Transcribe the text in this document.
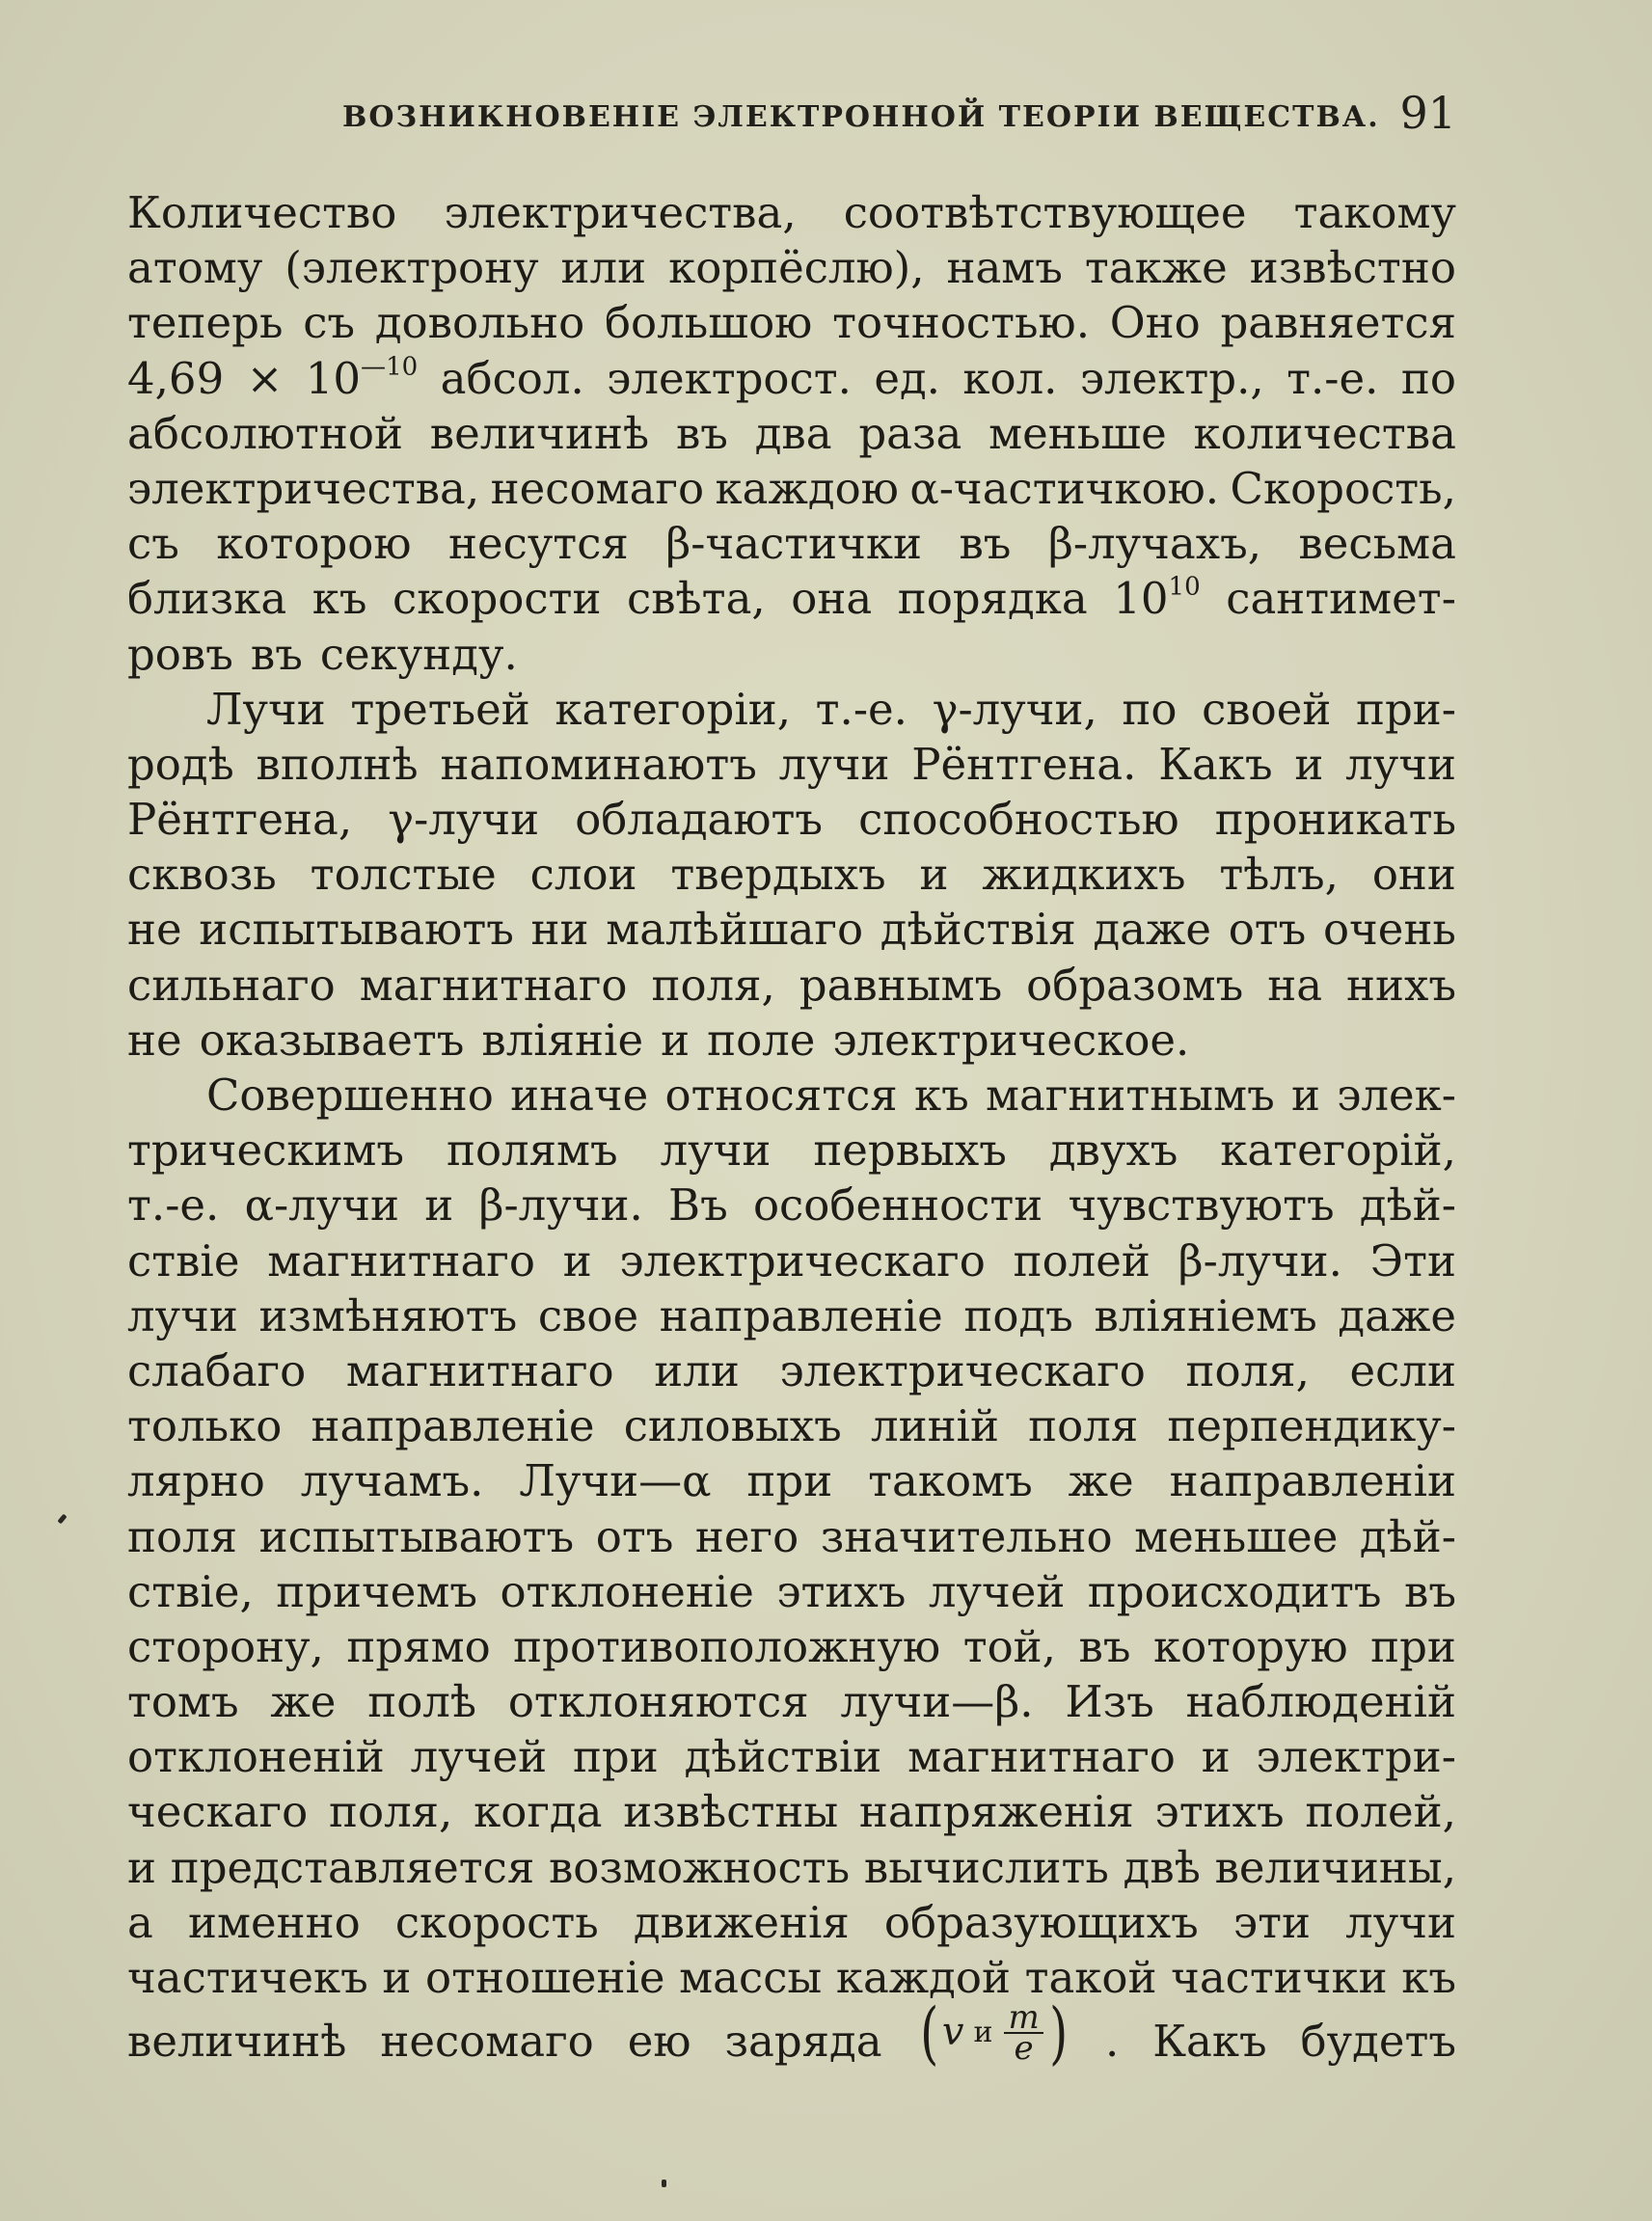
ВОЗНИКНОВЕНІЕ ЭЛЕКТРОННОЙ ТЕОРІИ ВЕЩЕСТВА. 91
Количество электричества, соотвѣтствующее такому
атому (электрону или корпёслю), намъ также извѣстно
теперь съ довольно большою точностью. Оно равняется
$4,69 \times 10^{—10}$ абсол. электрост. ед. кол. электр., т.-е. по
абсолютной величинѣ въ два раза меньше количества
электричества, несомаго каждою α-частичкою. Скорость,
съ которою несутся β-частички въ β-лучахъ, весьма
близка къ скорости свѣта, она порядка $10^{10}$ сантимет-
ровъ въ секунду.
Лучи третьей категоріи, т.-е. γ-лучи, по своей при-
родѣ вполнѣ напоминаютъ лучи Рёнтгена. Какъ и лучи
Рёнтгена, γ-лучи обладаютъ способностью проникать
сквозь толстые слои твердыхъ и жидкихъ тѣлъ, они
не испытываютъ ни малѣйшаго дѣйствія даже отъ очень
сильнаго магнитнаго поля, равнымъ образомъ на нихъ
не оказываетъ вліяніе и поле электрическое.
Совершенно иначе относятся къ магнитнымъ и элек-
трическимъ полямъ лучи первыхъ двухъ категорій,
т.-е. α-лучи и β-лучи. Въ особенности чувствуютъ дѣй-
ствіе магнитнаго и электрическаго полей β-лучи. Эти
лучи измѣняютъ свое направленіе подъ вліяніемъ даже
слабаго магнитнаго или электрическаго поля, если
только направленіе силовыхъ линій поля перпендику-
лярно лучамъ. Лучи—α при такомъ же направленіи
поля испытываютъ отъ него значительно меньшее дѣй-
ствіе, причемъ отклоненіе этихъ лучей происходитъ въ
сторону, прямо противоположную той, въ которую при
томъ же полѣ отклоняются лучи—β. Изъ наблюденій
отклоненій лучей при дѣйствіи магнитнаго и электри-
ческаго поля, когда извѣстны напряженія этихъ полей,
и представляется возможность вычислить двѣ величины,
а именно скорость движенія образующихъ эти лучи
частичекъ и отношеніе массы каждой такой частички къ
величинѣ несомаго ею заряда ( v и $\frac{m}{e}$ ) . Какъ будетъ
